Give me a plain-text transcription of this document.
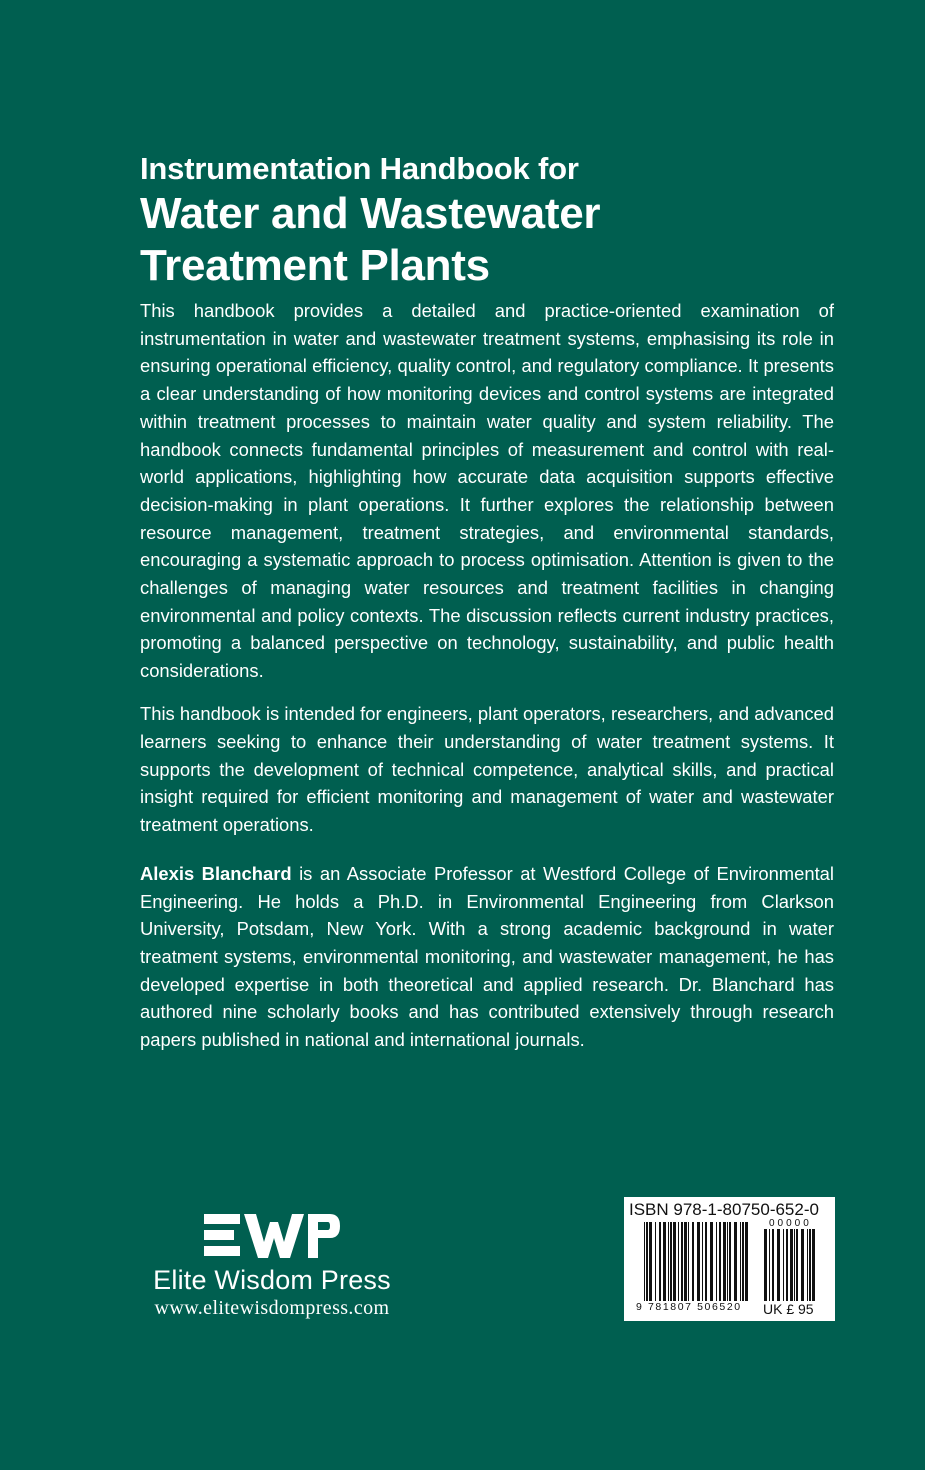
Instrumentation Handbook for
Water and Wastewater
Treatment Plants

This handbook provides a detailed and practice-oriented examination of instrumentation in water and wastewater treatment systems, emphasising its role in ensuring operational efficiency, quality control, and regulatory compliance. It presents a clear understanding of how monitoring devices and control systems are integrated within treatment processes to maintain water quality and system reliability. The handbook connects fundamental principles of measurement and control with real-world applications, highlighting how accurate data acquisition supports effective decision-making in plant operations. It further explores the relationship between resource management, treatment strategies, and environmental standards, encouraging a systematic approach to process optimisation. Attention is given to the challenges of managing water resources and treatment facilities in changing environmental and policy contexts. The discussion reflects current industry practices, promoting a balanced perspective on technology, sustainability, and public health considerations.

This handbook is intended for engineers, plant operators, researchers, and advanced learners seeking to enhance their understanding of water treatment systems. It supports the development of technical competence, analytical skills, and practical insight required for efficient monitoring and management of water and wastewater treatment operations.

Alexis Blanchard is an Associate Professor at Westford College of Environmental Engineering. He holds a Ph.D. in Environmental Engineering from Clarkson University, Potsdam, New York. With a strong academic background in water treatment systems, environmental monitoring, and wastewater management, he has developed expertise in both theoretical and applied research. Dr. Blanchard has authored nine scholarly books and has contributed extensively through research papers published in national and international journals.

Elite Wisdom Press
www.elitewisdompress.com
ISBN 978-1-80750-652-0
00000
9 781807 506520 UK £ 95
